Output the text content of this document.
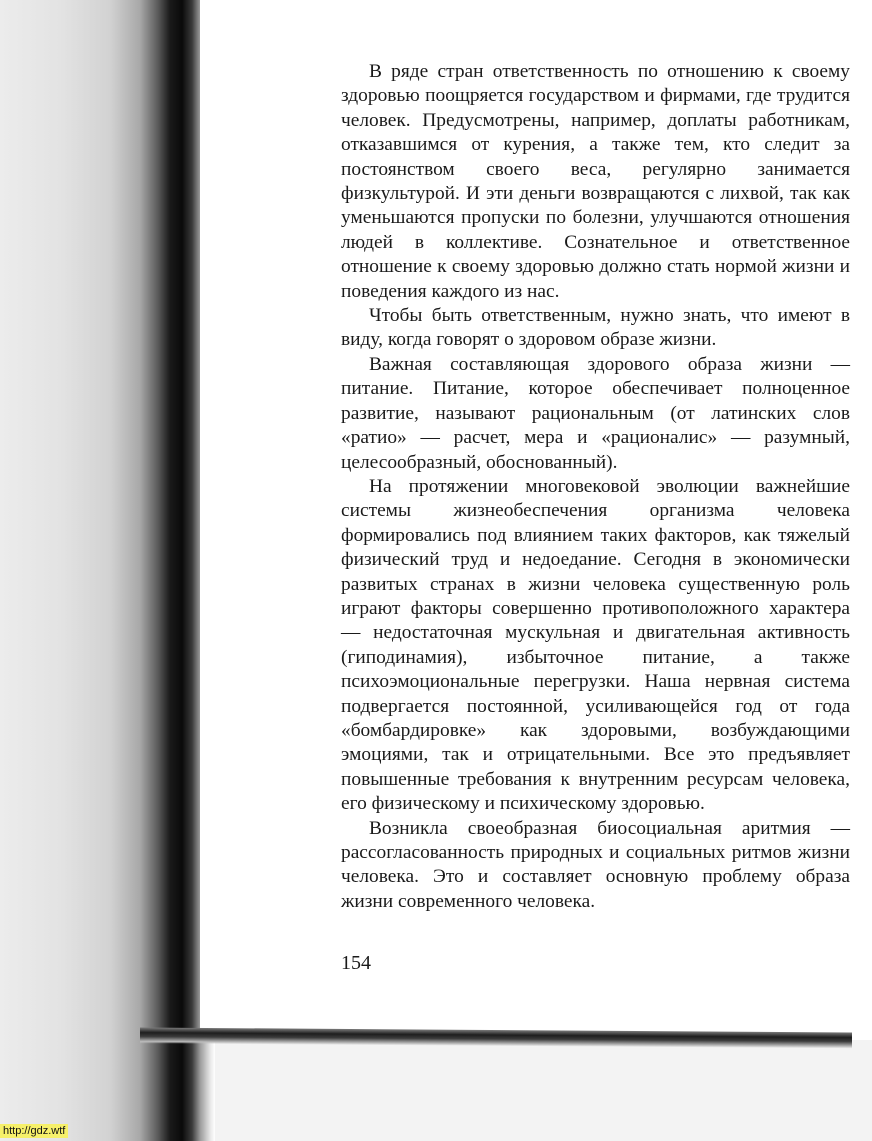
В ряде стран ответственность по отношению к своему здоровью поощряется государством и фирмами, где трудится человек. Предусмотрены, например, доплаты работникам, отказавшимся от курения, а также тем, кто следит за постоянством своего веса, регулярно занимается физкультурой. И эти деньги возвращаются с лихвой, так как уменьшаются пропуски по болезни, улучшаются отношения людей в коллективе. Сознательное и ответственное отношение к своему здоровью должно стать нормой жизни и поведения каждого из нас.

Чтобы быть ответственным, нужно знать, что имеют в виду, когда говорят о здоровом образе жизни.

Важная составляющая здорового образа жизни — питание. Питание, которое обеспечивает полноценное развитие, называют рациональным (от латинских слов «ратио» — расчет, мера и «рационалис» — разумный, целесообразный, обоснованный).

На протяжении многовековой эволюции важнейшие системы жизнеобеспечения организма человека формировались под влиянием таких факторов, как тяжелый физический труд и недоедание. Сегодня в экономически развитых странах в жизни человека существенную роль играют факторы совершенно противоположного характера — недостаточная мускульная и двигательная активность (гиподинамия), избыточное питание, а также психоэмоциональные перегрузки. Наша нервная система подвергается постоянной, усиливающейся год от года «бомбардировке» как здоровыми, возбуждающими эмоциями, так и отрицательными. Все это предъявляет повышенные требования к внутренним ресурсам человека, его физическому и психическому здоровью.

Возникла своеобразная биосоциальная аритмия — рассогласованность природных и социальных ритмов жизни человека. Это и составляет основную проблему образа жизни современного человека.

154
http://gdz.wtf
